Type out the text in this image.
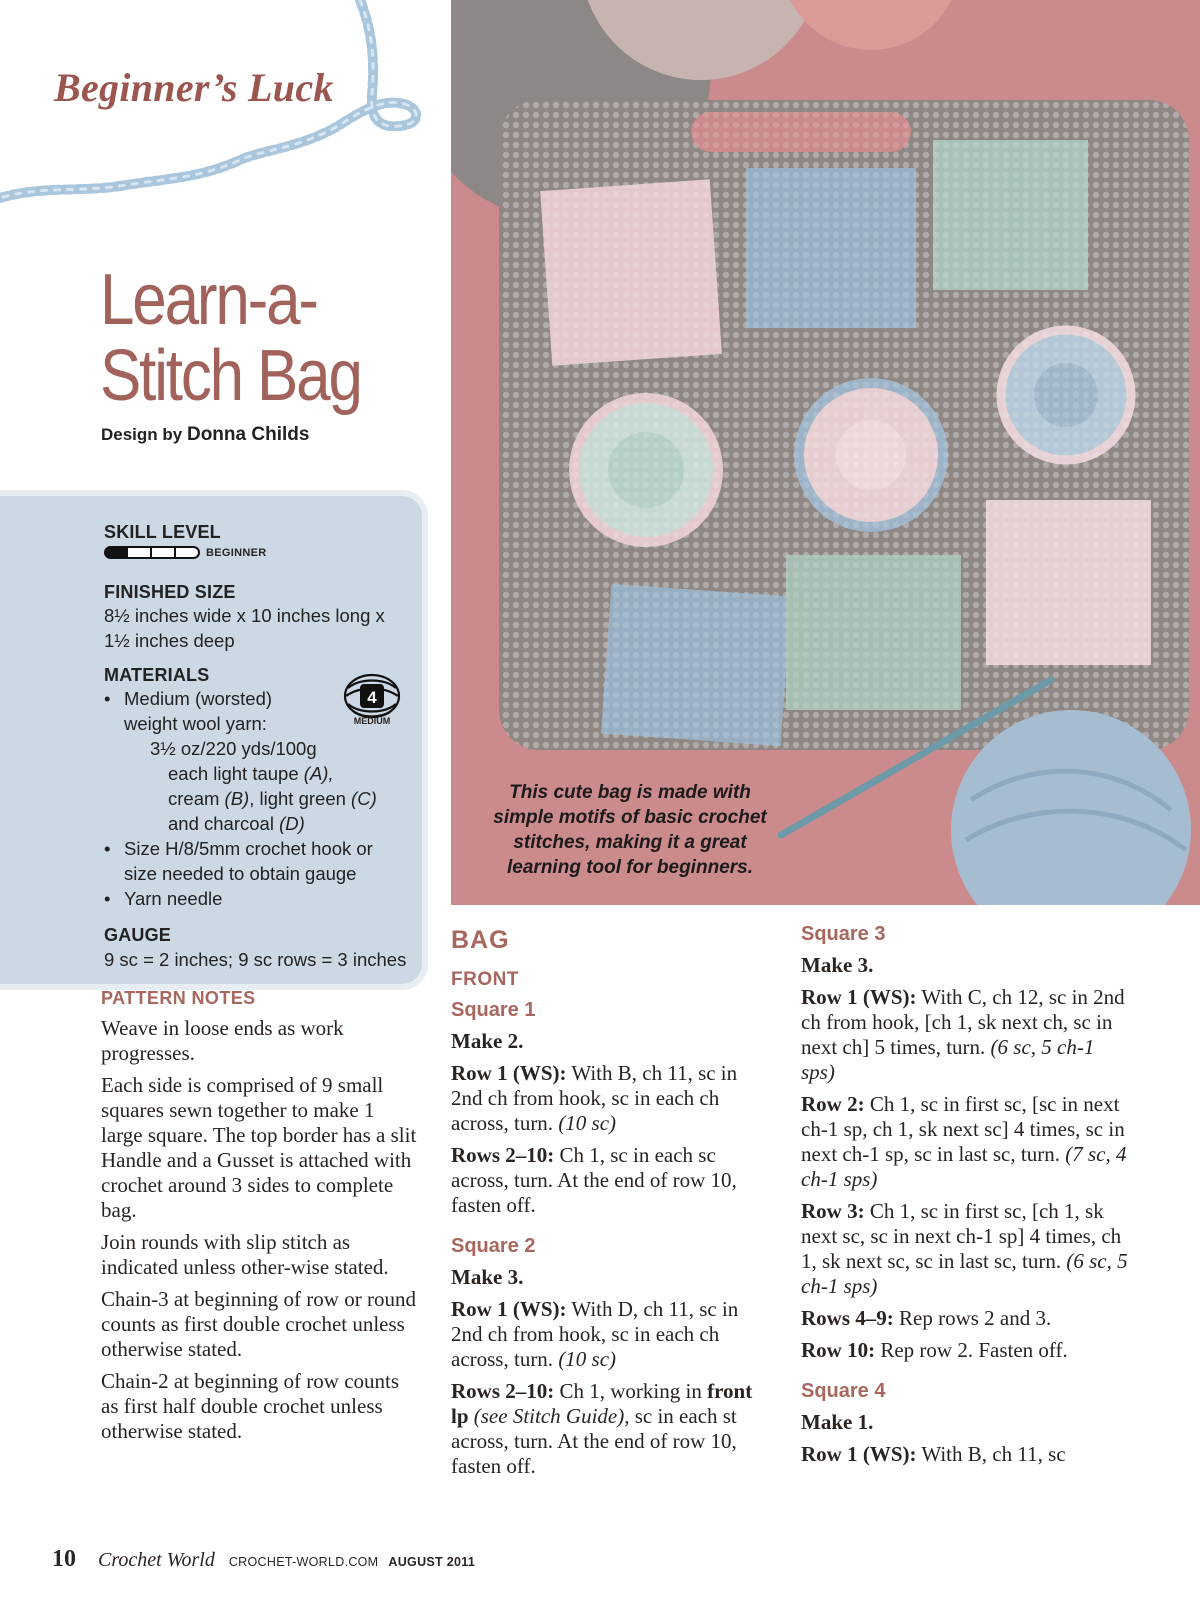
Beginner’s Luck
Learn-a-Stitch Bag
Design by Donna Childs
SKILL LEVEL
BEGINNER
FINISHED SIZE
8½ inches wide x 10 inches long x 1½ inches deep
MATERIALS
4
MEDIUM
• Medium (worsted)
weight wool yarn:
3½ oz/220 yds/100g
each light taupe (A),
cream (B), light green (C)
and charcoal (D)
• Size H/8/5mm crochet hook or size needed to obtain gauge
• Yarn needle
GAUGE
9 sc = 2 inches; 9 sc rows = 3 inches
This cute bag is made with simple motifs of basic crochet stitches, making it a great learning tool for beginners.
PATTERN NOTES

Weave in loose ends as work progresses.

Each side is comprised of 9 small squares sewn together to make 1 large square. The top border has a slit Handle and a Gusset is attached with crochet around 3 sides to complete bag.

Join rounds with slip stitch as indicated unless other-wise stated.

Chain-3 at beginning of row or round counts as first double crochet unless otherwise stated.

Chain-2 at beginning of row counts as first half double crochet unless otherwise stated.

BAG
FRONT
Square 1
Make 2.

Row 1 (WS): With B, ch 11, sc in 2nd ch from hook, sc in each ch across, turn. (10 sc)

Rows 2–10: Ch 1, sc in each sc across, turn. At the end of row 10, fasten off.

Square 2
Make 3.

Row 1 (WS): With D, ch 11, sc in 2nd ch from hook, sc in each ch across, turn. (10 sc)

Rows 2–10: Ch 1, working in front lp (see Stitch Guide), sc in each st across, turn. At the end of row 10, fasten off.

Square 3
Make 3.

Row 1 (WS): With C, ch 12, sc in 2nd ch from hook, [ch 1, sk next ch, sc in next ch] 5 times, turn. (6 sc, 5 ch-1 sps)

Row 2: Ch 1, sc in first sc, [sc in next ch-1 sp, ch 1, sk next sc] 4 times, sc in next ch-1 sp, sc in last sc, turn. (7 sc, 4 ch-1 sps)

Row 3: Ch 1, sc in first sc, [ch 1, sk next sc, sc in next ch-1 sp] 4 times, ch 1, sk next sc, sc in last sc, turn. (6 sc, 5 ch-1 sps)

Rows 4–9: Rep rows 2 and 3.

Row 10: Rep row 2. Fasten off.

Square 4
Make 1.

Row 1 (WS): With B, ch 11, sc

10 Crochet World CROCHET-WORLD.COM AUGUST 2011
